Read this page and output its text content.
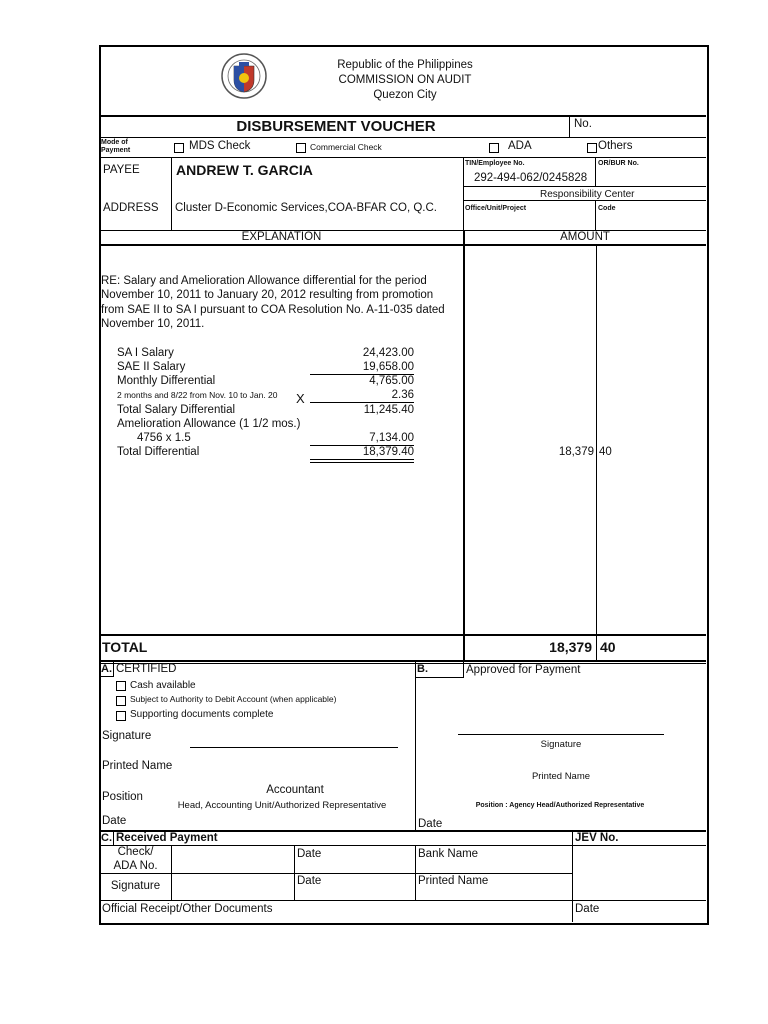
Republic of the Philippines
COMMISSION ON AUDIT
Quezon City
DISBURSEMENT VOUCHER	No.
Mode of Payment	MDS Check	Commercial Check	ADA	Others
PAYEE	ANDREW T. GARCIA	TIN/Employee No.
292-494-062/0245828
OR/BUR No.
Responsibility Center
ADDRESS Cluster D-Economic Services,COA-BFAR CO, Q.C.	Office/Unit/Project	Code
EXPLANATION	AMOUNT
RE: Salary and Amelioration Allowance differential for the period
November 10, 2011 to January 20, 2012 resulting from promotion
from SAE II to SA I pursuant to COA Resolution No. A-11-035 dated
November 10, 2011.
SA I Salary	24,423.00
SAE II Salary	19,658.00
Monthly Differential	4,765.00
2 months and 8/22 from Nov. 10 to Jan. 20 X	2.36
Total Salary Differential	11,245.40
Amelioration Allowance (1 1/2 mos.)
4756 x 1.5	7,134.00
Total Differential	18,379.40	18,379 40
TOTAL	18,379 40
A. CERTIFIED
Cash available
Subject to Authority to Debit Account (when applicable)
Supporting documents complete
Signature
Printed Name
Position
Accountant
Head, Accounting Unit/Authorized Representative
Date
B.	Approved for Payment
Signature
Printed Name
Position : Agency Head/Authorized Representative
Date
C. Received Payment	JEV No.
Check/
ADA No.
Date	Bank Name
Signature	Date	Printed Name
Official Receipt/Other Documents	Date
